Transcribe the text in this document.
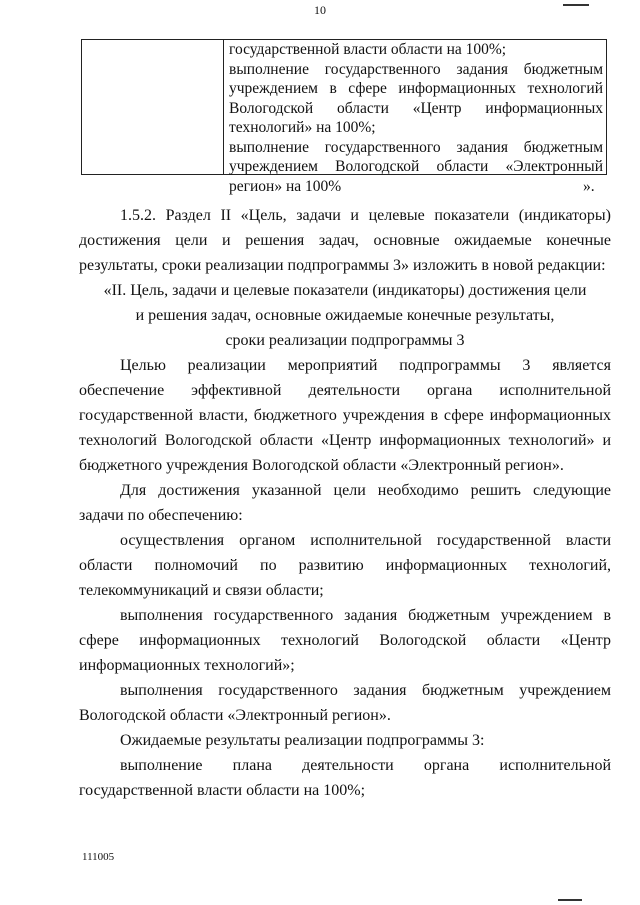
10

государственной власти области на 100%;

выполнение государственного задания бюджетным учреждением в сфере информационных технологий Вологодской области «Центр информационных технологий» на 100%;

выполнение государственного задания бюджетным учреждением Вологодской области «Электронный регион» на 100%	».

1.5.2. Раздел II «Цель, задачи и целевые показатели (индикаторы) достижения цели и решения задач, основные ожидаемые конечные результаты, сроки реализации подпрограммы 3» изложить в новой редакции:

«II. Цель, задачи и целевые показатели (индикаторы) достижения цели
и решения задач, основные ожидаемые конечные результаты,
сроки реализации подпрограммы 3

Целью реализации мероприятий подпрограммы 3 является обеспечение эффективной деятельности органа исполнительной государственной власти, бюджетного учреждения в сфере информационных технологий Вологодской области «Центр информационных технологий» и бюджетного учреждения Вологодской области «Электронный регион».

Для достижения указанной цели необходимо решить следующие задачи по обеспечению:

осуществления органом исполнительной государственной власти области полномочий по развитию информационных технологий, телекоммуникаций и связи области;

выполнения государственного задания бюджетным учреждением в сфере информационных технологий Вологодской области «Центр информационных технологий»;

выполнения государственного задания бюджетным учреждением Вологодской области «Электронный регион».

Ожидаемые результаты реализации подпрограммы 3:

выполнение плана деятельности органа исполнительной государственной власти области на 100%;

111005
